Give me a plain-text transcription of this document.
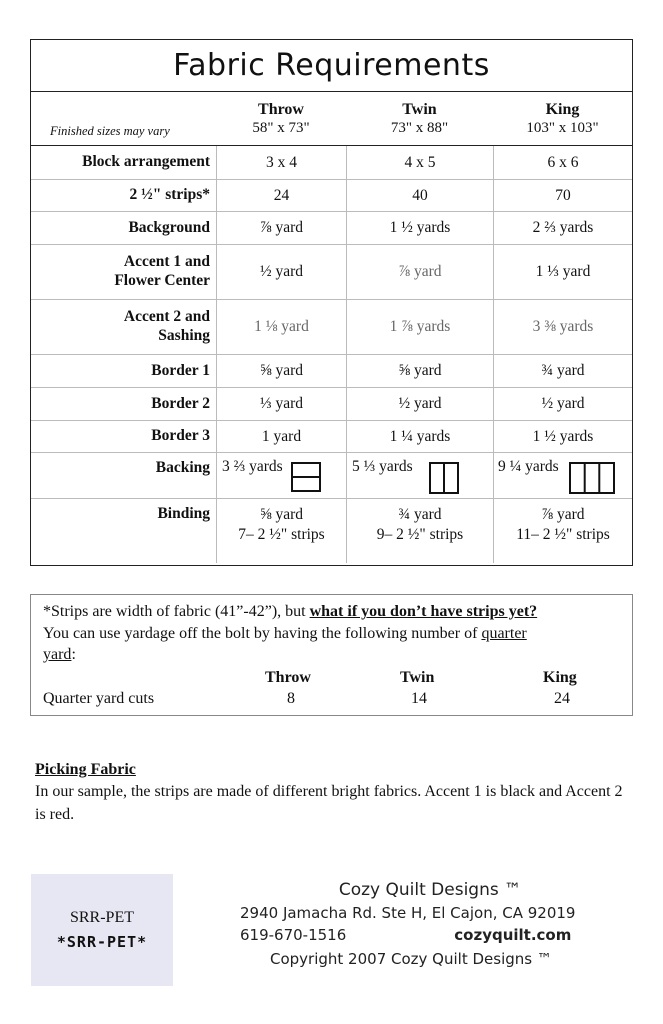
Fabric Requirements
Finished sizes may vary
Throw
58" x 73"
Twin
73" x 88"
King
103" x 103"
Block arrangement	3 x 4	4 x 5	6 x 6
2 ½" strips*	24	40	70
Background	⅞ yard	1 ½ yards	2 ⅔ yards
Accent 1 and
Flower Center
½ yard	⅞ yard	1 ⅓ yard
Accent 2 and
Sashing
1 ⅛ yard	1 ⅞ yards	3 ⅜ yards
Border 1	⅝ yard	⅝ yard	¾ yard
Border 2	⅓ yard	½ yard	½ yard
Border 3	1 yard	1 ¼ yards	1 ½ yards
Backing 3 ⅔ yards	5 ⅓ yards	9 ¼ yards
Binding	⅝ yard
7– 2 ½" strips
¾ yard
9– 2 ½" strips
⅞ yard
11– 2 ½" strips
*Strips are width of fabric (41”-42”), but what if you don’t have strips yet?
You can use yardage off the bolt by having the following number of quarter
yard:
Throw	Twin	King
Quarter yard cuts	8	14	24
Picking Fabric
In our sample, the strips are made of different bright fabrics. Accent 1 is black and Accent 2 is red.
SRR-PET
*SRR-PET*
Cozy Quilt Designs ™
2940 Jamacha Rd. Ste H, El Cajon, CA 92019
619-670-1516	cozyquilt.com
Copyright 2007 Cozy Quilt Designs ™
